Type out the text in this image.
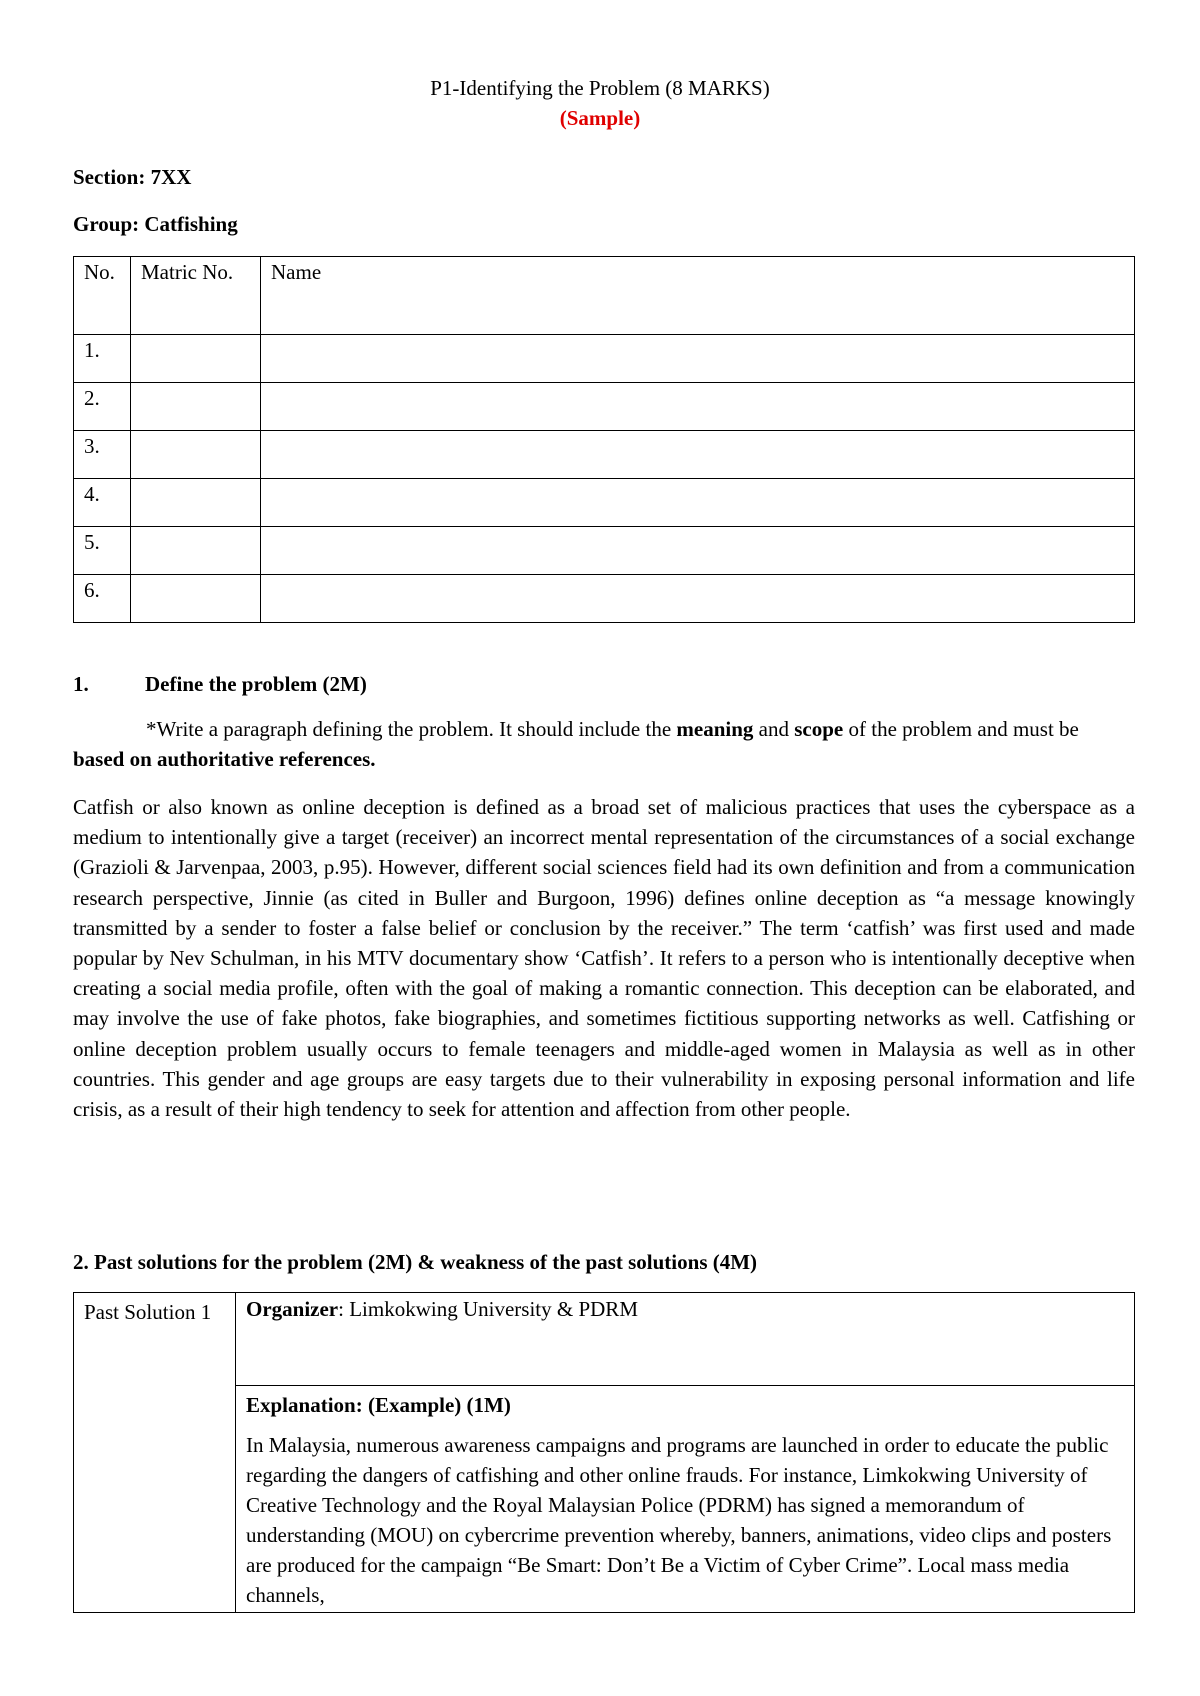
P1-Identifying the Problem (8 MARKS)
(Sample)
Section: 7XX
Group: Catfishing
No.	Matric No.	Name
1.		
2.		
3.		
4.		
5.		
6.		
1.	Define the problem (2M)
*Write a paragraph defining the problem. It should include the meaning and scope of the problem and must be based on authoritative references.

Catfish or also known as online deception is defined as a broad set of malicious practices that uses the cyberspace as a medium to intentionally give a target (receiver) an incorrect mental representation of the circumstances of a social exchange (Grazioli & Jarvenpaa, 2003, p.95). However, different social sciences field had its own definition and from a communication research perspective, Jinnie (as cited in Buller and Burgoon, 1996) defines online deception as “a message knowingly transmitted by a sender to foster a false belief or conclusion by the receiver.” The term ‘catfish’ was first used and made popular by Nev Schulman, in his MTV documentary show ‘Catfish’. It refers to a person who is intentionally deceptive when creating a social media profile, often with the goal of making a romantic connection. This deception can be elaborated, and may involve the use of fake photos, fake biographies, and sometimes fictitious supporting networks as well. Catfishing or online deception problem usually occurs to female teenagers and middle-aged women in Malaysia as well as in other countries. This gender and age groups are easy targets due to their vulnerability in exposing personal information and life crisis, as a result of their high tendency to seek for attention and affection from other people.

2. Past solutions for the problem (2M) & weakness of the past solutions (4M)
Past Solution 1	Organizer: Limkokwing University & PDRM

Explanation: (Example) (1M)

In Malaysia, numerous awareness campaigns and programs are launched in order to educate the public regarding the dangers of catfishing and other online frauds. For instance, Limkokwing University of Creative Technology and the Royal Malaysian Police (PDRM) has signed a memorandum of understanding (MOU) on cybercrime prevention whereby, banners, animations, video clips and posters are produced for the campaign “Be Smart: Don’t Be a Victim of Cyber Crime”. Local mass media channels,
